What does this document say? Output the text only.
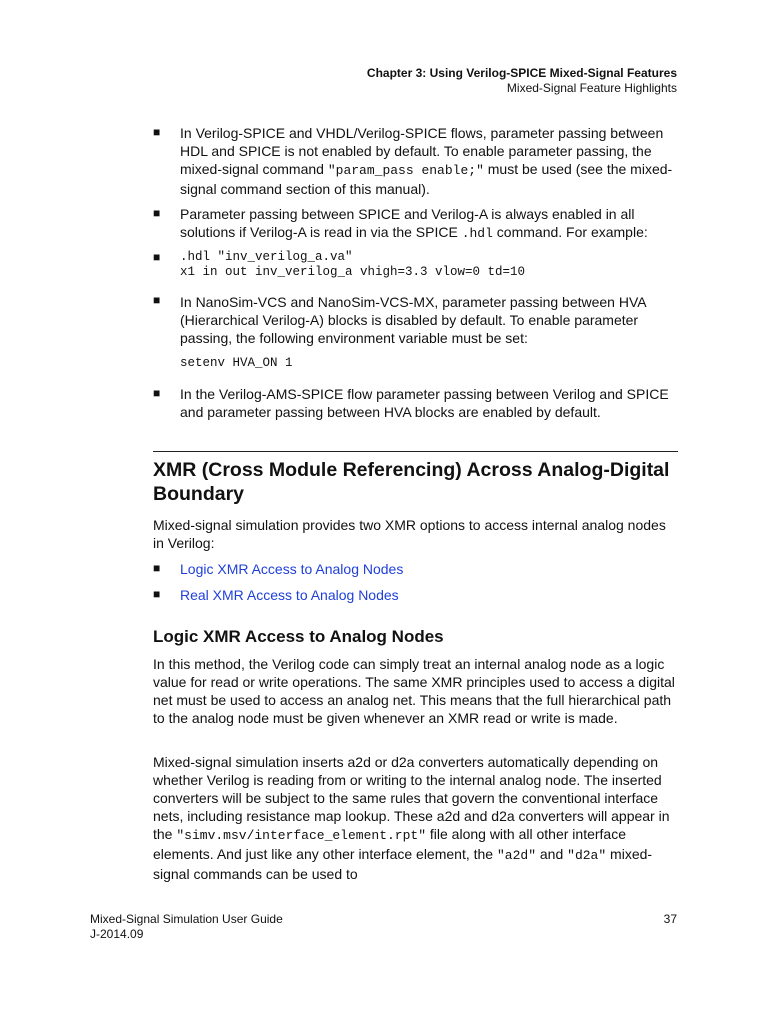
Chapter 3: Using Verilog-SPICE Mixed-Signal Features
Mixed-Signal Feature Highlights
■ In Verilog-SPICE and VHDL/Verilog-SPICE flows, parameter passing between HDL and SPICE is not enabled by default. To enable parameter passing, the mixed-signal command "param_pass enable;" must be used (see the mixed-signal command section of this manual).
■ Parameter passing between SPICE and Verilog-A is always enabled in all solutions if Verilog-A is read in via the SPICE .hdl command. For example:
■ .hdl "inv_verilog_a.va"
x1 in out inv_verilog_a vhigh=3.3 vlow=0 td=10
■ In NanoSim-VCS and NanoSim-VCS-MX, parameter passing between HVA (Hierarchical Verilog-A) blocks is disabled by default. To enable parameter passing, the following environment variable must be set:
setenv HVA_ON 1
■ In the Verilog-AMS-SPICE flow parameter passing between Verilog and SPICE and parameter passing between HVA blocks are enabled by default.
XMR (Cross Module Referencing) Across Analog-Digital Boundary
Mixed-signal simulation provides two XMR options to access internal analog nodes in Verilog:
■ Logic XMR Access to Analog Nodes
■ Real XMR Access to Analog Nodes
Logic XMR Access to Analog Nodes
In this method, the Verilog code can simply treat an internal analog node as a logic value for read or write operations. The same XMR principles used to access a digital net must be used to access an analog net. This means that the full hierarchical path to the analog node must be given whenever an XMR read or write is made.
Mixed-signal simulation inserts a2d or d2a converters automatically depending on whether Verilog is reading from or writing to the internal analog node. The inserted converters will be subject to the same rules that govern the conventional interface nets, including resistance map lookup. These a2d and d2a converters will appear in the "simv.msv/interface_element.rpt" file along with all other interface elements. And just like any other interface element, the "a2d" and "d2a" mixed-signal commands can be used to
Mixed-Signal Simulation User Guide
J-2014.09
37
